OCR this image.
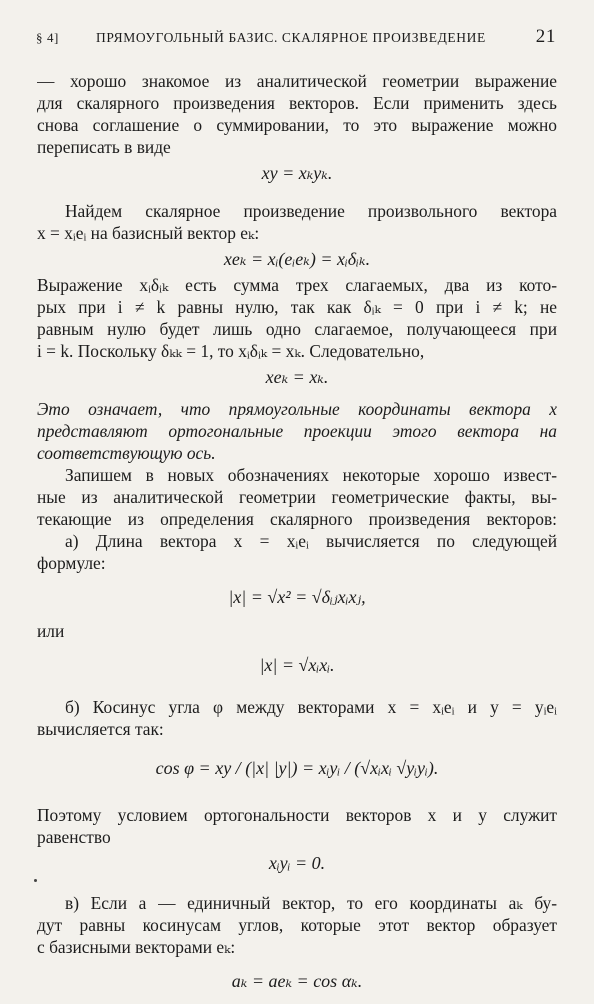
§ 4]	ПРЯМОУГОЛЬНЫЙ БАЗИС. СКАЛЯРНОЕ ПРОИЗВЕДЕНИЕ	21
— хорошо знакомое из аналитической геометрии выражение
для скалярного произведения векторов. Если применить здесь
снова соглашение о суммировании, то это выражение можно
переписать в виде
xy = xₖyₖ.
Найдем скалярное произведение произвольного вектора
x = xᵢeᵢ на базисный вектор eₖ:
xeₖ = xᵢ(eᵢeₖ) = xᵢδᵢₖ.
Выражение xᵢδᵢₖ есть сумма трех слагаемых, два из кото-
рых при i ≠ k равны нулю, так как δᵢₖ = 0 при i ≠ k; не
равным нулю будет лишь одно слагаемое, получающееся при
i = k. Поскольку δₖₖ = 1, то xᵢδᵢₖ = xₖ. Следовательно,
xeₖ = xₖ.
Это означает, что прямоугольные координаты вектора x
представляют ортогональные проекции этого вектора на
соответствующую ось.
Запишем в новых обозначениях некоторые хорошо извест-
ные из аналитической геометрии геометрические факты, вы-
текающие из определения скалярного произведения векторов:
а) Длина вектора x = xᵢeᵢ вычисляется по следующей
формуле:
|x| = √x² = √δᵢⱼxᵢxⱼ,
или
|x| = √xᵢxᵢ.
б) Косинус угла φ между векторами x = xᵢeᵢ и y = yᵢeᵢ
вычисляется так:
cos φ = xy / (|x| |y|) = xᵢyᵢ / (√xᵢxᵢ √yᵢyᵢ).
Поэтому условием ортогональности векторов x и y служит
равенство
xᵢyᵢ = 0.
в) Если a — единичный вектор, то его координаты aₖ бу-
дут равны косинусам углов, которые этот вектор образует
с базисными векторами eₖ:
aₖ = aeₖ = cos αₖ.
